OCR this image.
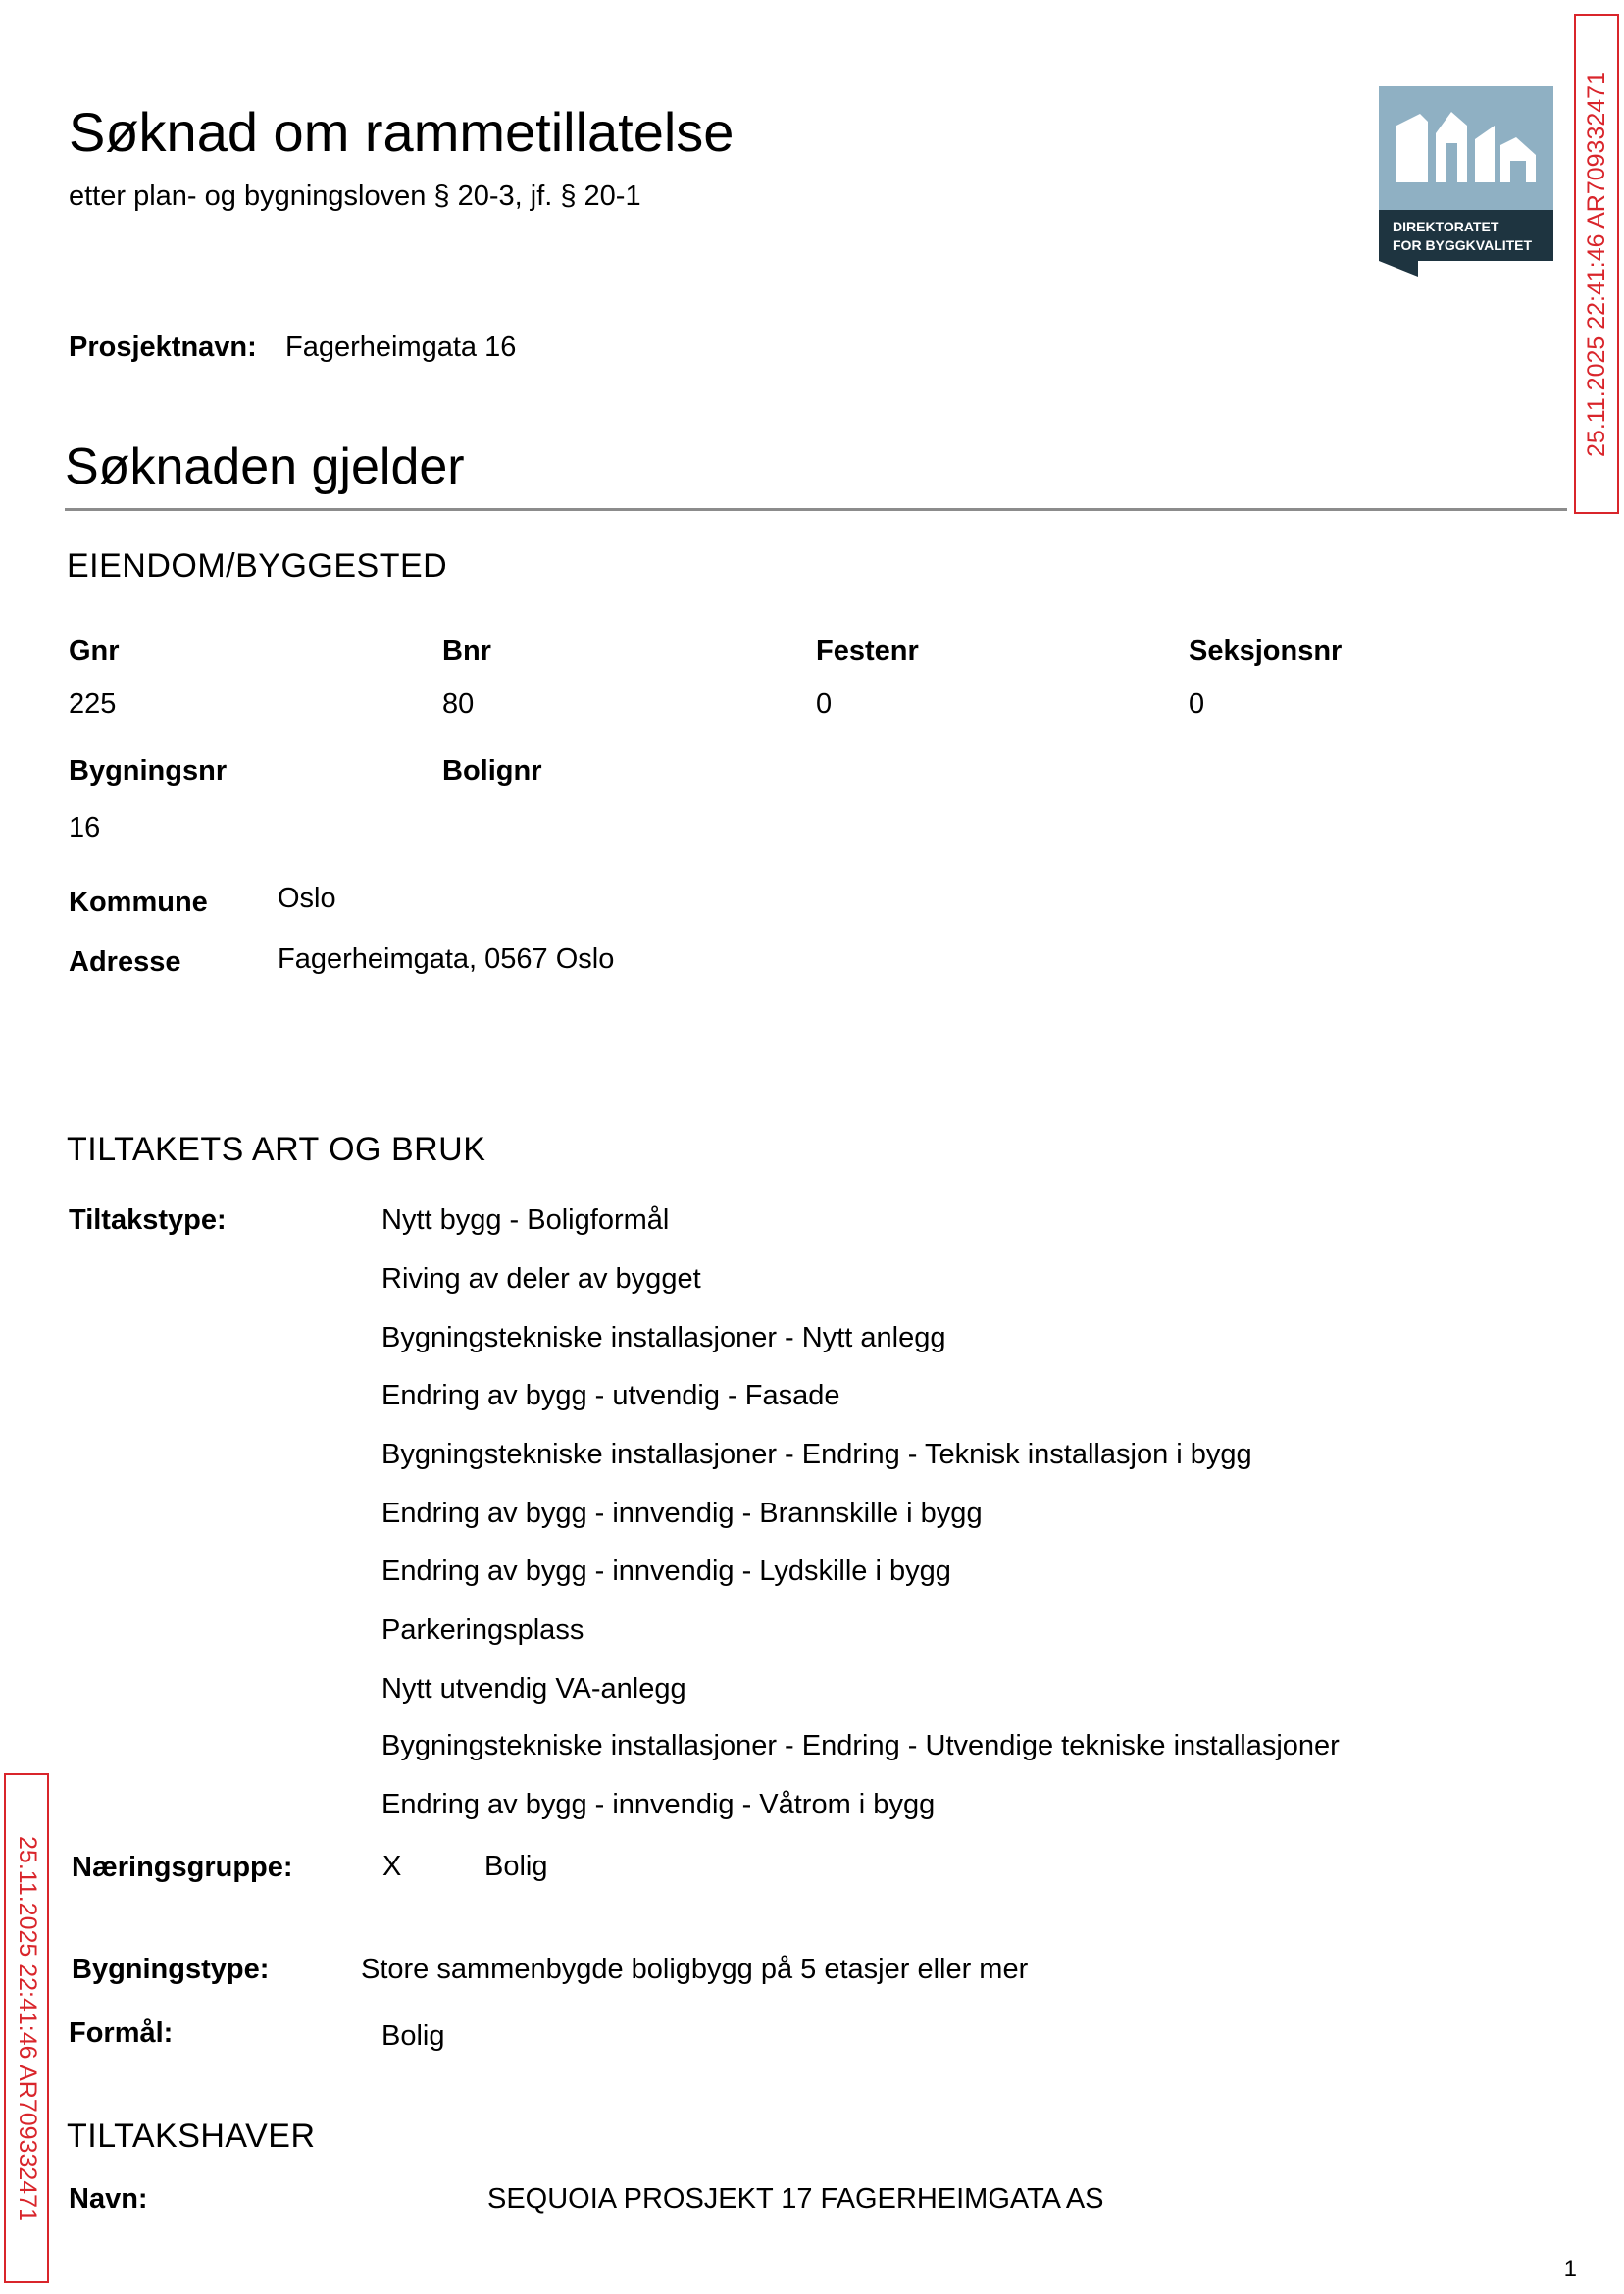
Søknad om rammetillatelse
etter plan- og bygningsloven § 20-3, jf. § 20-1
DIREKTORATET
FOR BYGGKVALITET 25.11.2025 22:41:46 AR709332471
25.11.2025 22:41:46 AR709332471
Prosjektnavn: Fagerheimgata 16
Søknaden gjelder
EIENDOM/BYGGESTED
Gnr	Bnr	Festenr	Seksjonsnr
225	80	0	0
Bygningsnr	Bolignr
16
Kommune Oslo
Adresse	Fagerheimgata, 0567 Oslo
TILTAKETS ART OG BRUK
Tiltakstype:	Nytt bygg - Boligformål
Riving av deler av bygget
Bygningstekniske installasjoner - Nytt anlegg
Endring av bygg - utvendig - Fasade
Bygningstekniske installasjoner - Endring - Teknisk installasjon i bygg
Endring av bygg - innvendig - Brannskille i bygg
Endring av bygg - innvendig - Lydskille i bygg
Parkeringsplass
Nytt utvendig VA-anlegg
Bygningstekniske installasjoner - Endring - Utvendige tekniske installasjoner
Endring av bygg - innvendig - Våtrom i bygg
Næringsgruppe:	X	Bolig
Bygningstype:	Store sammenbygde boligbygg på 5 etasjer eller mer
Formål:	Bolig
TILTAKSHAVER
Navn:	SEQUOIA PROSJEKT 17 FAGERHEIMGATA AS
1
